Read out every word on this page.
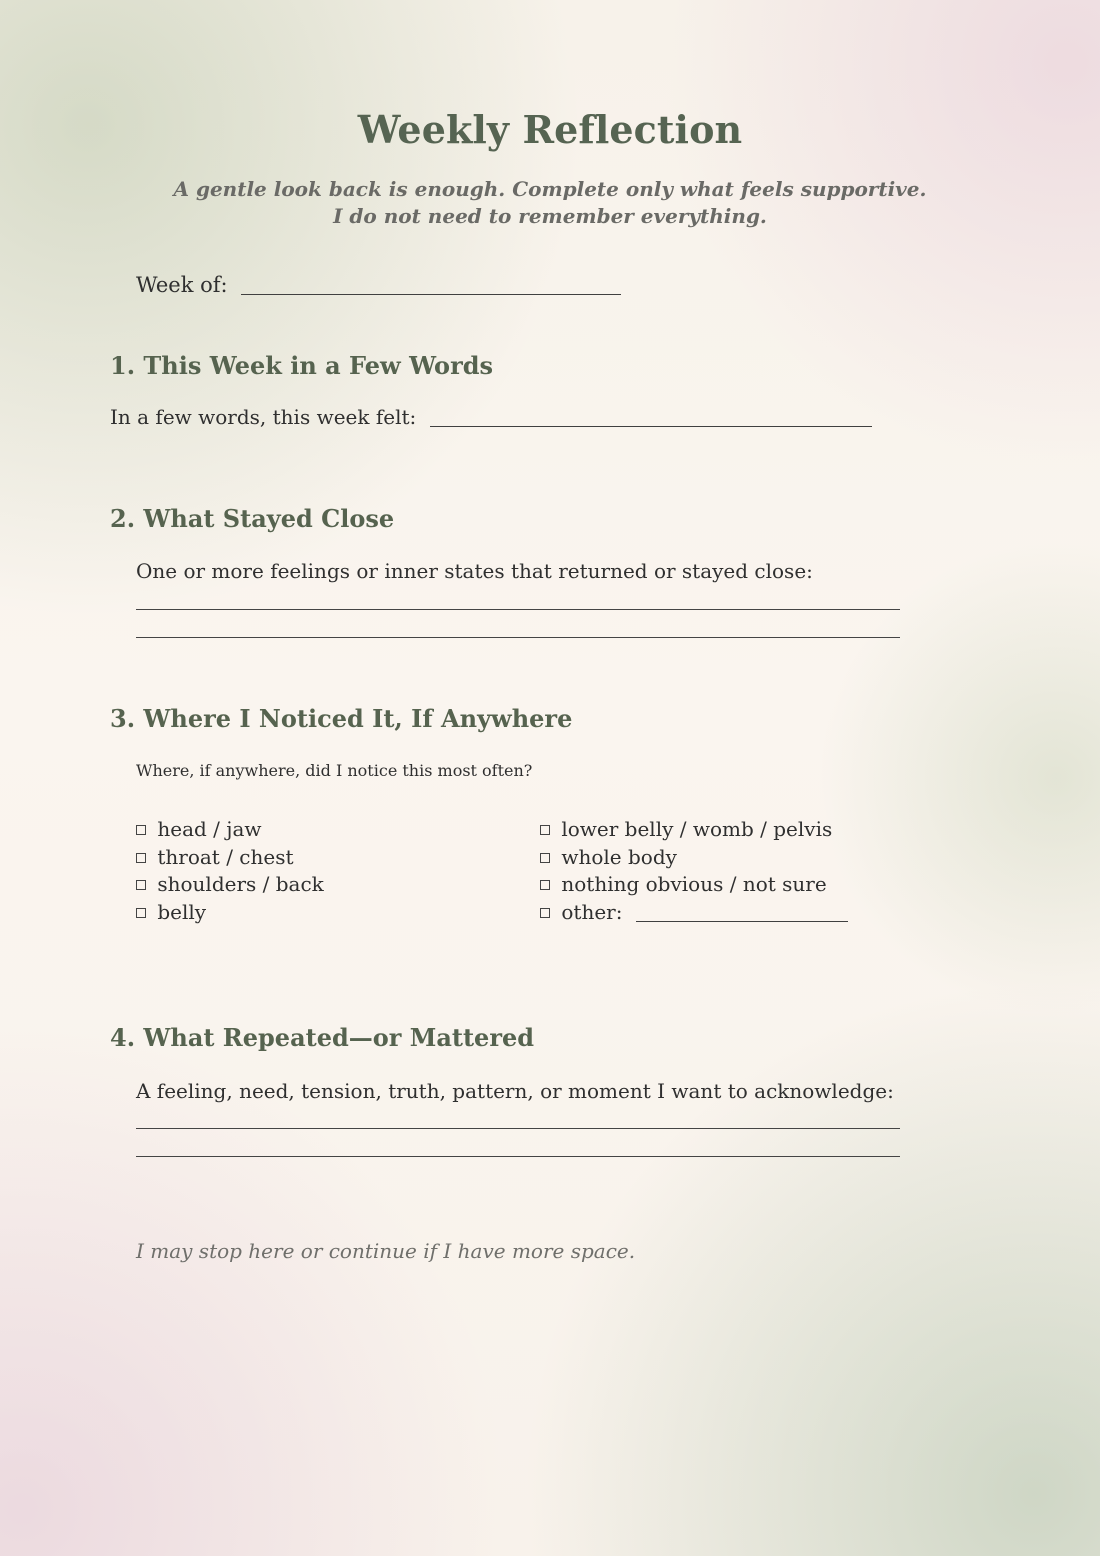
Weekly Reflection

A gentle look back is enough. Complete only what feels supportive.

I do not need to remember everything.

Week of:
1. This Week in a Few Words
In a few words, this week felt:
2. What Stayed Close

One or more feelings or inner states that returned or stayed close:

3. Where I Noticed It, If Anywhere

Where, if anywhere, did I notice this most often?

head / jaw
throat / chest
shoulders / back
belly
lower belly / womb / pelvis
whole body
nothing obvious / not sure
other:
4. What Repeated—or Mattered

A feeling, need, tension, truth, pattern, or moment I want to acknowledge:

I may stop here or continue if I have more space.
